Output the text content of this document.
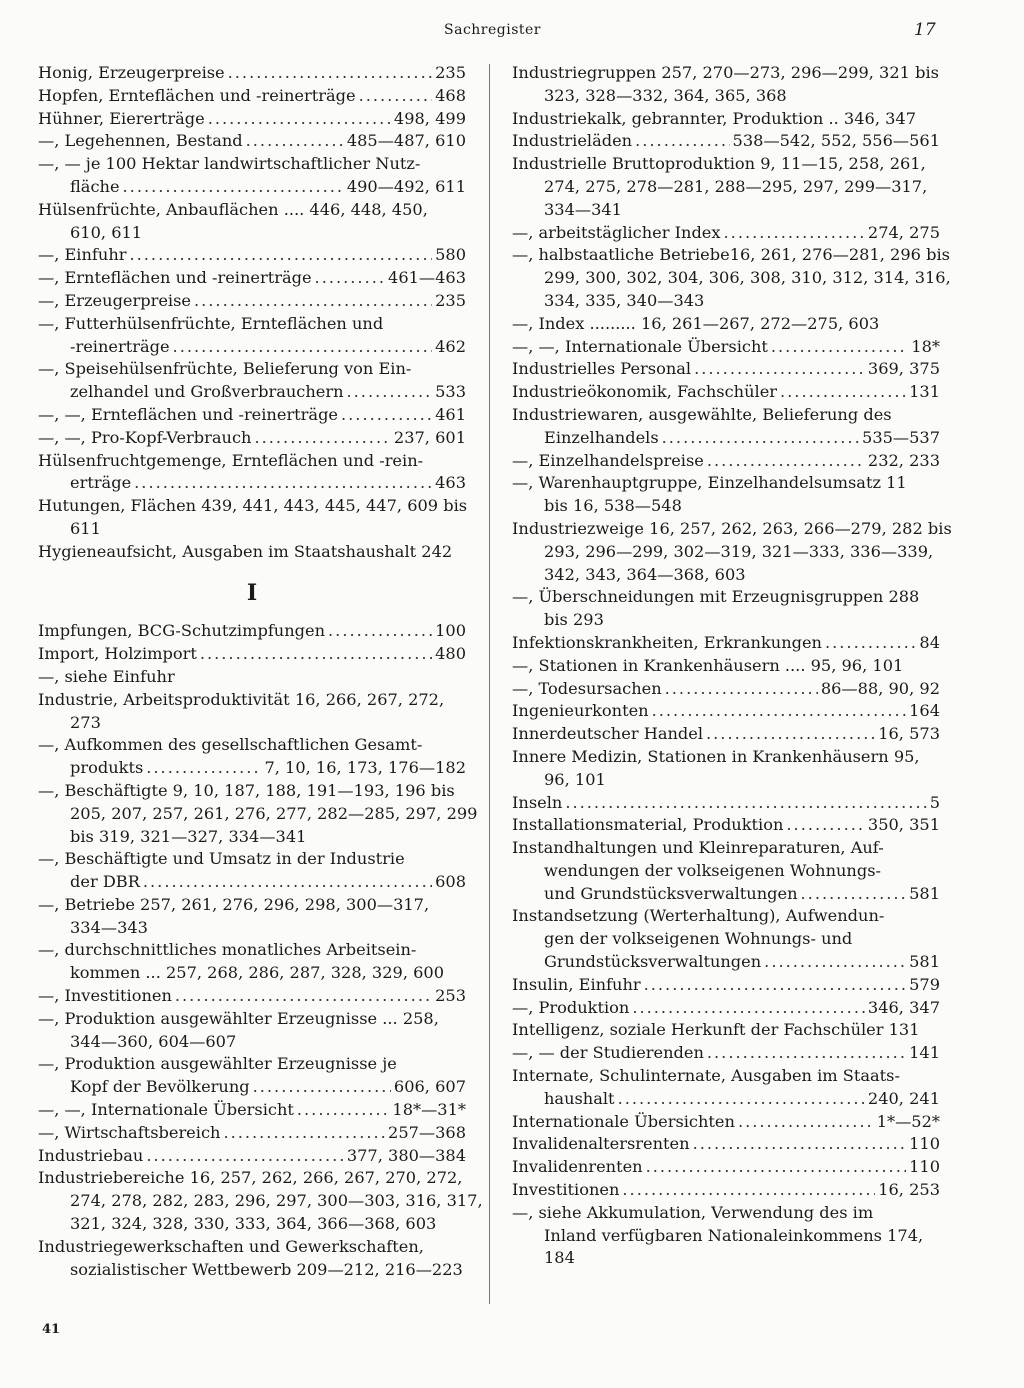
Sachregister	17
Honig, Erzeugerpreise .....	235
Hopfen, Ernteflächen und -reinerträge .....	468
Hühner, Eiererträge .....	498, 499
—, Legehennen, Bestand .....	485—487, 610
—, — je 100 Hektar landwirtschaftlicher Nutz-
fläche .....	490—492, 611
Hülsenfrüchte, Anbauflächen .... 446, 448, 450,
610, 611
—, Einfuhr .....	580
—, Ernteflächen und -reinerträge .....	461—463
—, Erzeugerpreise .....	235
—, Futterhülsenfrüchte, Ernteflächen und
-reinerträge .....	462
—, Speisehülsenfrüchte, Belieferung von Ein-
zelhandel und Großverbrauchern .....	533
—, —, Ernteflächen und -reinerträge .....	461
—, —, Pro-Kopf-Verbrauch .....	237, 601
Hülsenfruchtgemenge, Ernteflächen und -rein-
erträge .....	463
Hutungen, Flächen 439, 441, 443, 445, 447, 609 bis
611
Hygieneaufsicht, Ausgaben im Staatshaushalt 242
I
Impfungen, BCG-Schutzimpfungen .....	100
Import, Holzimport .....	480
—, siehe Einfuhr
Industrie, Arbeitsproduktivität 16, 266, 267, 272,
273
—, Aufkommen des gesellschaftlichen Gesamt-
produkts .....	7, 10, 16, 173, 176—182
—, Beschäftigte 9, 10, 187, 188, 191—193, 196 bis
205, 207, 257, 261, 276, 277, 282—285, 297, 299
bis 319, 321—327, 334—341
—, Beschäftigte und Umsatz in der Industrie
der DBR .....	608
—, Betriebe 257, 261, 276, 296, 298, 300—317,
334—343
—, durchschnittliches monatliches Arbeitsein-
kommen ... 257, 268, 286, 287, 328, 329, 600
—, Investitionen .....	253
—, Produktion ausgewählter Erzeugnisse ... 258,
344—360, 604—607
—, Produktion ausgewählter Erzeugnisse je
Kopf der Bevölkerung .....	606, 607
—, —, Internationale Übersicht .....	18*—31*
—, Wirtschaftsbereich .....	257—368
Industriebau .....	377, 380—384
Industriebereiche 16, 257, 262, 266, 267, 270, 272,
274, 278, 282, 283, 296, 297, 300—303, 316, 317,
321, 324, 328, 330, 333, 364, 366—368, 603
Industriegewerkschaften und Gewerkschaften,
sozialistischer Wettbewerb 209—212, 216—223
Industriegruppen 257, 270—273, 296—299, 321 bis
323, 328—332, 364, 365, 368
Industriekalk, gebrannter, Produktion .. 346, 347
Industrieläden .....	538—542, 552, 556—561
Industrielle Bruttoproduktion 9, 11—15, 258, 261,
274, 275, 278—281, 288—295, 297, 299—317,
334—341
—, arbeitstäglicher Index .....	274, 275
—, halbstaatliche Betriebe16, 261, 276—281, 296 bis
299, 300, 302, 304, 306, 308, 310, 312, 314, 316,
334, 335, 340—343
—, Index ......... 16, 261—267, 272—275, 603
—, —, Internationale Übersicht .....	18*
Industrielles Personal .....	369, 375
Industrieökonomik, Fachschüler .....	131
Industriewaren, ausgewählte, Belieferung des
Einzelhandels .....	535—537
—, Einzelhandelspreise .....	232, 233
—, Warenhauptgruppe, Einzelhandelsumsatz 11
bis 16, 538—548
Industriezweige 16, 257, 262, 263, 266—279, 282 bis
293, 296—299, 302—319, 321—333, 336—339,
342, 343, 364—368, 603
—, Überschneidungen mit Erzeugnisgruppen 288
bis 293
Infektionskrankheiten, Erkrankungen .....	84
—, Stationen in Krankenhäusern .... 95, 96, 101
—, Todesursachen .....	86—88, 90, 92
Ingenieurkonten .....	164
Innerdeutscher Handel .....	16, 573
Innere Medizin, Stationen in Krankenhäusern 95,
96, 101
Inseln .....	5
Installationsmaterial, Produktion .....	350, 351
Instandhaltungen und Kleinreparaturen, Auf-
wendungen der volkseigenen Wohnungs-
und Grundstücksverwaltungen .....	581
Instandsetzung (Werterhaltung), Aufwendun-
gen der volkseigenen Wohnungs- und
Grundstücksverwaltungen .....	581
Insulin, Einfuhr .....	579
—, Produktion .....	346, 347
Intelligenz, soziale Herkunft der Fachschüler 131
—, — der Studierenden .....	141
Internate, Schulinternate, Ausgaben im Staats-
haushalt .....	240, 241
Internationale Übersichten .....	1*—52*
Invalidenaltersrenten .....	110
Invalidenrenten .....	110
Investitionen .....	16, 253
—, siehe Akkumulation, Verwendung des im
Inland verfügbaren Nationaleinkommens 174,
184
41
